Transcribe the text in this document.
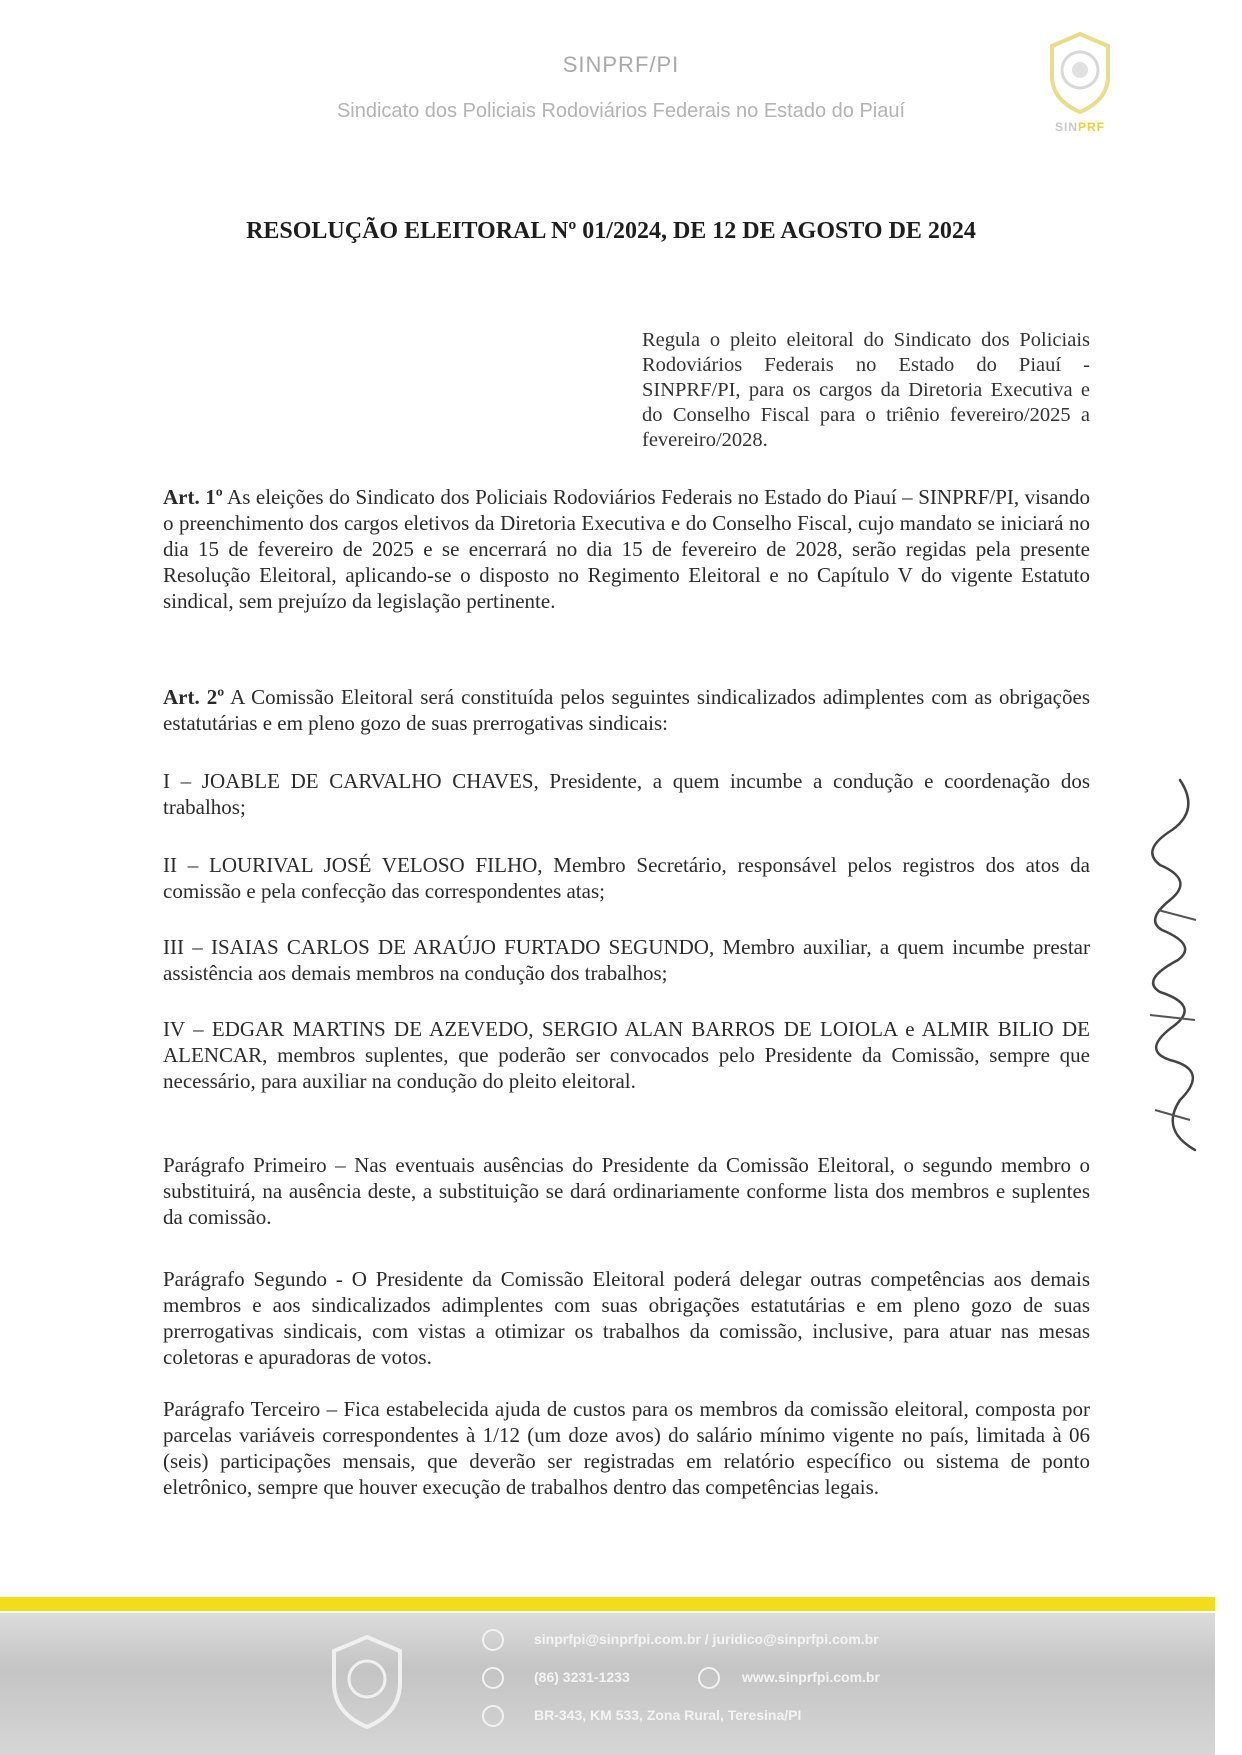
SINPRF/PI
Sindicato dos Policiais Rodoviários Federais no Estado do Piauí
SINPRF
RESOLUÇÃO ELEITORAL Nº 01/2024, DE 12 DE AGOSTO DE 2024
Regula o pleito eleitoral do Sindicato dos Policiais Rodoviários Federais no Estado do Piauí - SINPRF/PI, para os cargos da Diretoria Executiva e do Conselho Fiscal para o triênio fevereiro/2025 a fevereiro/2028.
Art. 1º As eleições do Sindicato dos Policiais Rodoviários Federais no Estado do Piauí – SINPRF/PI, visando o preenchimento dos cargos eletivos da Diretoria Executiva e do Conselho Fiscal, cujo mandato se iniciará no dia 15 de fevereiro de 2025 e se encerrará no dia 15 de fevereiro de 2028, serão regidas pela presente Resolução Eleitoral, aplicando-se o disposto no Regimento Eleitoral e no Capítulo V do vigente Estatuto sindical, sem prejuízo da legislação pertinente.
Art. 2º A Comissão Eleitoral será constituída pelos seguintes sindicalizados adimplentes com as obrigações estatutárias e em pleno gozo de suas prerrogativas sindicais:
I – JOABLE DE CARVALHO CHAVES, Presidente, a quem incumbe a condução e coordenação dos trabalhos;
II – LOURIVAL JOSÉ VELOSO FILHO, Membro Secretário, responsável pelos registros dos atos da comissão e pela confecção das correspondentes atas;
III – ISAIAS CARLOS DE ARAÚJO FURTADO SEGUNDO, Membro auxiliar, a quem incumbe prestar assistência aos demais membros na condução dos trabalhos;
IV – EDGAR MARTINS DE AZEVEDO, SERGIO ALAN BARROS DE LOIOLA e ALMIR BILIO DE ALENCAR, membros suplentes, que poderão ser convocados pelo Presidente da Comissão, sempre que necessário, para auxiliar na condução do pleito eleitoral.
Parágrafo Primeiro – Nas eventuais ausências do Presidente da Comissão Eleitoral, o segundo membro o substituirá, na ausência deste, a substituição se dará ordinariamente conforme lista dos membros e suplentes da comissão.
Parágrafo Segundo - O Presidente da Comissão Eleitoral poderá delegar outras competências aos demais membros e aos sindicalizados adimplentes com suas obrigações estatutárias e em pleno gozo de suas prerrogativas sindicais, com vistas a otimizar os trabalhos da comissão, inclusive, para atuar nas mesas coletoras e apuradoras de votos.
Parágrafo Terceiro – Fica estabelecida ajuda de custos para os membros da comissão eleitoral, composta por parcelas variáveis correspondentes à 1/12 (um doze avos) do salário mínimo vigente no país, limitada à 06 (seis) participações mensais, que deverão ser registradas em relatório específico ou sistema de ponto eletrônico, sempre que houver execução de trabalhos dentro das competências legais.
sinprfpi@sinprfpi.com.br / juridico@sinprfpi.com.br
(86) 3231-1233	www.sinprfpi.com.br
BR-343, KM 533, Zona Rural, Teresina/PI
